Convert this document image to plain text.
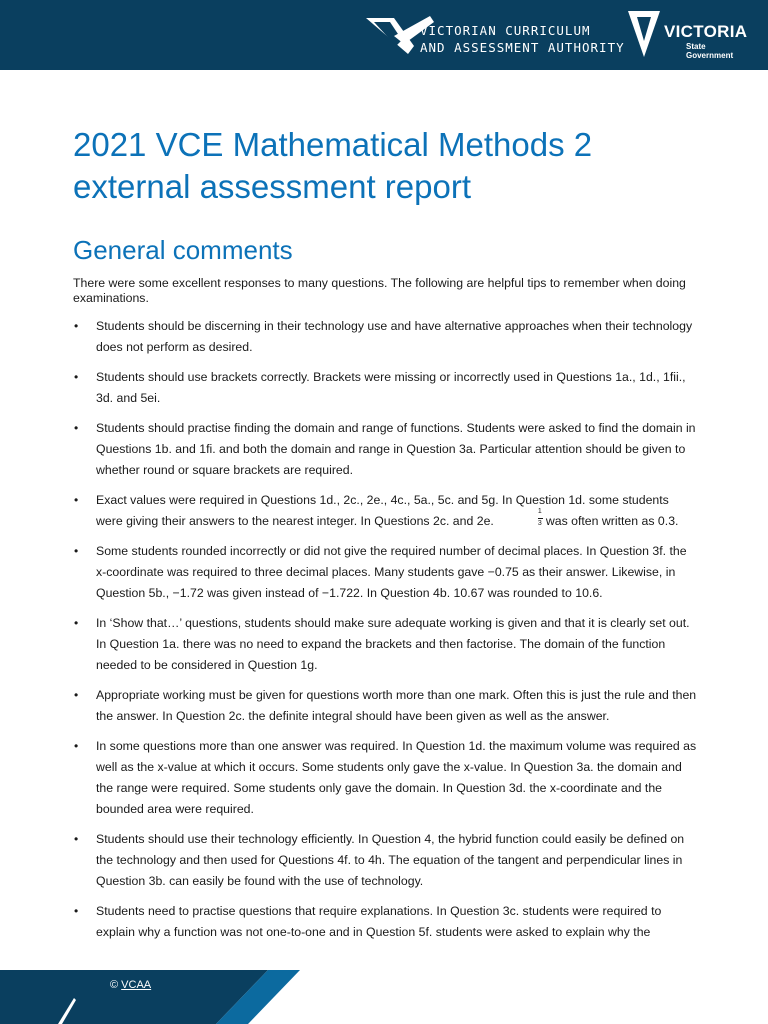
VICTORIAN CURRICULUM
AND ASSESSMENT AUTHORITY
VICTORIA
State
Government
2021 VCE Mathematical Methods 2
external assessment report
General comments

There were some excellent responses to many questions. The following are helpful tips to remember when doing examinations.

• Students should be discerning in their technology use and have alternative approaches when their technology does not perform as desired.
• Students should use brackets correctly. Brackets were missing or incorrectly used in Questions 1a., 1d., 1fii., 3d. and 5ei.
• Students should practise finding the domain and range of functions. Students were asked to find the domain in Questions 1b. and 1fi. and both the domain and range in Question 3a. Particular attention should be given to whether round or square brackets are required.
• Exact values were required in Questions 1d., 2c., 2e., 4c., 5a., 5c. and 5g. In Question 1d. some students were giving their answers to the nearest integer. In Questions 2c. and 2e.	$\frac{1}{3}$ was often written as 0.3.
• Some students rounded incorrectly or did not give the required number of decimal places. In Question 3f. the x-coordinate was required to three decimal places. Many students gave −0.75 as their answer. Likewise, in Question 5b., −1.72 was given instead of −1.722. In Question 4b. 10.67 was rounded to 10.6.
• In ‘Show that…’ questions, students should make sure adequate working is given and that it is clearly set out. In Question 1a. there was no need to expand the brackets and then factorise. The domain of the function needed to be considered in Question 1g.
• Appropriate working must be given for questions worth more than one mark. Often this is just the rule and then the answer. In Question 2c. the definite integral should have been given as well as the answer.
• In some questions more than one answer was required. In Question 1d. the maximum volume was required as well as the x-value at which it occurs. Some students only gave the x-value. In Question 3a. the domain and the range were required. Some students only gave the domain. In Question 3d. the x-coordinate and the bounded area were required.
• Students should use their technology efficiently. In Question 4, the hybrid function could easily be defined on the technology and then used for Questions 4f. to 4h. The equation of the tangent and perpendicular lines in Question 3b. can easily be found with the use of technology.
• Students need to practise questions that require explanations. In Question 3c. students were required to explain why a function was not one-to-one and in Question 5f. students were asked to explain why the
© VCAA
